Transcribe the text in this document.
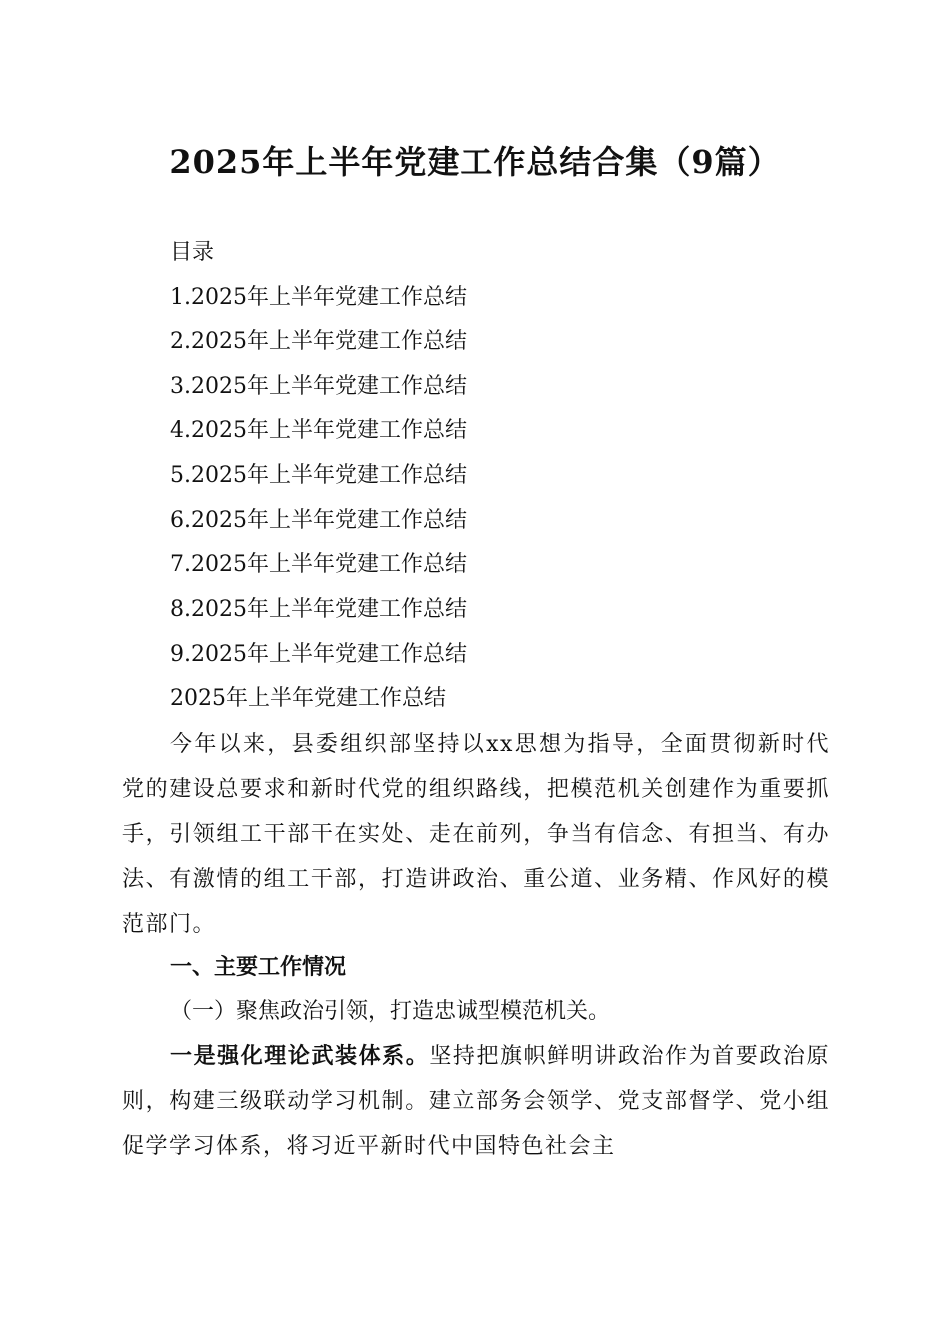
2025年上半年党建工作总结合集（9篇）
目录
1.2025年上半年党建工作总结
2.2025年上半年党建工作总结
3.2025年上半年党建工作总结
4.2025年上半年党建工作总结
5.2025年上半年党建工作总结
6.2025年上半年党建工作总结
7.2025年上半年党建工作总结
8.2025年上半年党建工作总结
9.2025年上半年党建工作总结
2025年上半年党建工作总结
今年以来，县委组织部坚持以xx思想为指导，全面贯彻新时代党的建设总要求和新时代党的组织路线，把模范机关创建作为重要抓手，引领组工干部干在实处、走在前列，争当有信念、有担当、有办法、有激情的组工干部，打造讲政治、重公道、业务精、作风好的模范部门。
一、主要工作情况
（一）聚焦政治引领，打造忠诚型模范机关。
一是强化理论武装体系。坚持把旗帜鲜明讲政治作为首要政治原则，构建三级联动学习机制。建立部务会领学、党支部督学、党小组促学学习体系，将习近平新时代中国特色社会主
